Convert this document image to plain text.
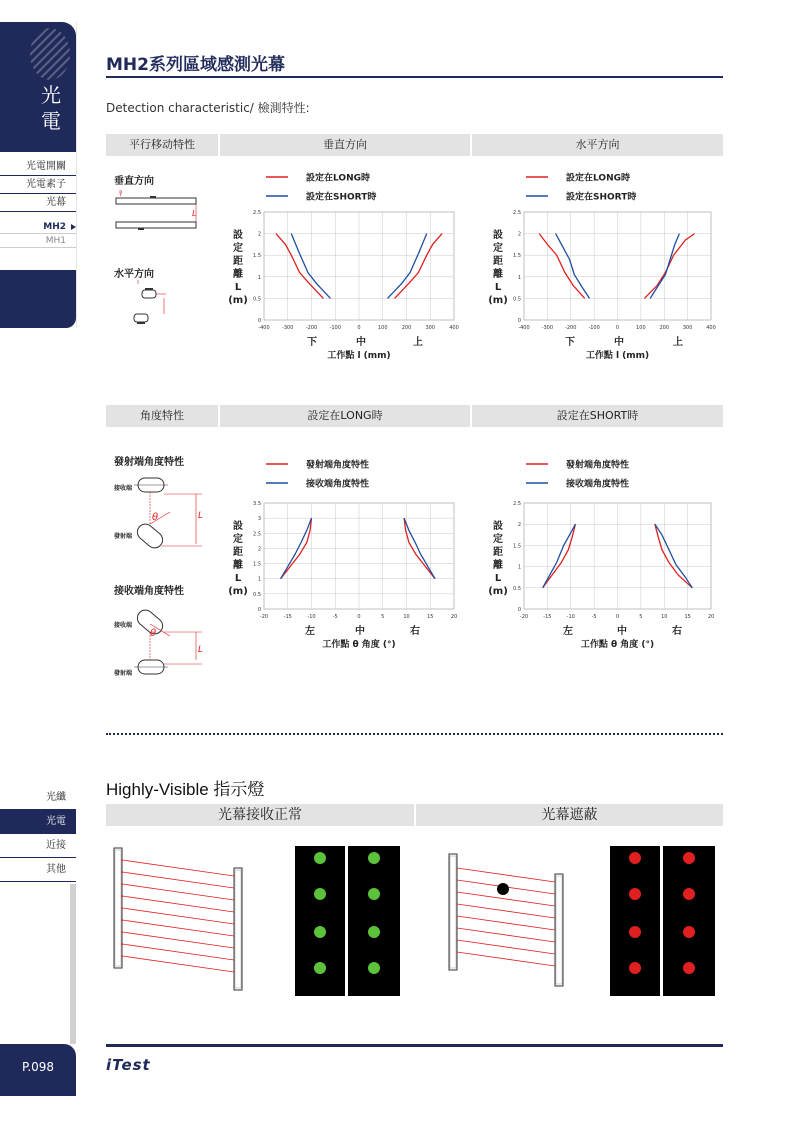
光電
光電開關
光電素子
光幕
MH2
MH1
光纖
光電
近接
其他
P.098
MH2系列區域感測光幕
Detection characteristic/ 檢測特性:
平行移动特性	垂直方向	水平方向
垂直方向
水平方向
L
l
設定在LONG時
設定在SHORT時
-400 -300 -200 -100	0	100	200	300	400
0
0.5
1
1.5
2
2.5
設
定
距
離
L
(m)
下	中	上
工作點 l (mm)
設定在LONG時
設定在SHORT時
-400 -300 -200 -100	0	100	200	300	400
0
0.5
1
1.5
2
2.5
設
定
距
離
L
(m)
下	中	上
工作點 l (mm)
角度特性	設定在LONG時	設定在SHORT時
發射端角度特性
接收端角度特性
接收端
發射端
接收端
發射端
L
θ
θ
L
發射端角度特性
接收端角度特性
-20	-15	-10	-5	0	5	10	15	20
0
0.5
1
1.5
2
2.5
3
3.5
設
定
距
離
L
(m)
左	中	右
工作點 θ 角度 (°)
發射端角度特性
接收端角度特性
-20	-15	-10	-5	0	5	10	15	20
0
0.5
1
1.5
2
2.5
設
定
距
離
L
(m)
左	中	右
工作點 θ 角度 (°)
Highly-Visible 指示燈
光幕接收正常	光幕遮蔽
iTest
